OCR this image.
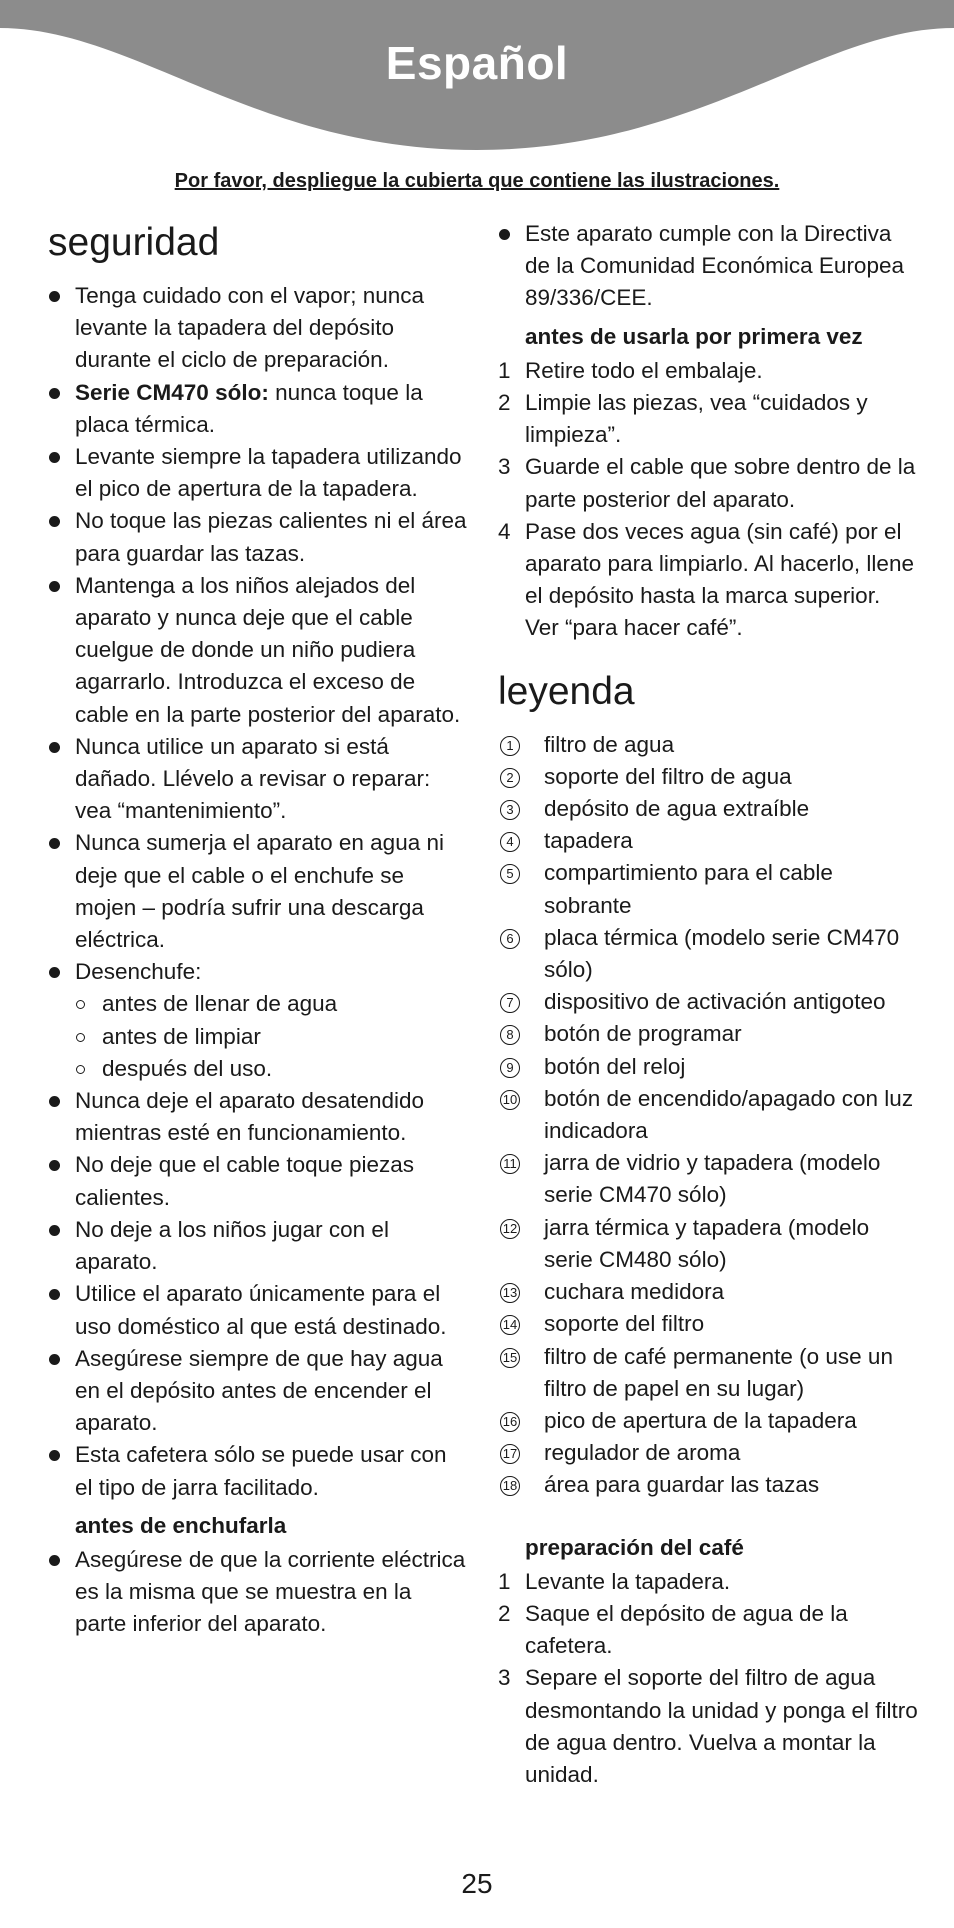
Español
Por favor, despliegue la cubierta que contiene las ilustraciones.
seguridad
Tenga cuidado con el vapor; nunca levante la tapadera del depósito durante el ciclo de preparación.
Serie CM470 sólo: nunca toque la placa térmica.
Levante siempre la tapadera utilizando el pico de apertura de la tapadera.
No toque las piezas calientes ni el área para guardar las tazas.
Mantenga a los niños alejados del aparato y nunca deje que el cable cuelgue de donde un niño pudiera agarrarlo. Introduzca el exceso de cable en la parte posterior del aparato.
Nunca utilice un aparato si está dañado. Llévelo a revisar o reparar: vea “mantenimiento”.
Nunca sumerja el aparato en agua ni deje que el cable o el enchufe se mojen – podría sufrir una descarga eléctrica.
Desenchufe:
antes de llenar de agua
antes de limpiar
después del uso.
Nunca deje el aparato desatendido mientras esté en funcionamiento.
No deje que el cable toque piezas calientes.
No deje a los niños jugar con el aparato.
Utilice el aparato únicamente para el uso doméstico al que está destinado.
Asegúrese siempre de que hay agua en el depósito antes de encender el aparato.
Esta cafetera sólo se puede usar con el tipo de jarra facilitado.
antes de enchufarla
Asegúrese de que la corriente eléctrica es la misma que se muestra en la parte inferior del aparato.
Este aparato cumple con la Directiva de la Comunidad Económica Europea 89/336/CEE.
antes de usarla por primera vez
1 Retire todo el embalaje.
2 Limpie las piezas, vea “cuidados y limpieza”.
3 Guarde el cable que sobre dentro de la parte posterior del aparato.
4 Pase dos veces agua (sin café) por el aparato para limpiarlo. Al hacerlo, llene el depósito hasta la marca superior. Ver “para hacer café”.
leyenda
1 filtro de agua
2 soporte del filtro de agua
3 depósito de agua extraíble
4 tapadera
5 compartimiento para el cable sobrante
6 placa térmica (modelo serie CM470 sólo)
7 dispositivo de activación antigoteo
8 botón de programar
9 botón del reloj
10 botón de encendido/apagado con luz indicadora
11 jarra de vidrio y tapadera (modelo serie CM470 sólo)
12 jarra térmica y tapadera (modelo serie CM480 sólo)
13 cuchara medidora
14 soporte del filtro
15 filtro de café permanente (o use un filtro de papel en su lugar)
16 pico de apertura de la tapadera
17 regulador de aroma
18 área para guardar las tazas
preparación del café
1 Levante la tapadera.
2 Saque el depósito de agua de la cafetera.
3 Separe el soporte del filtro de agua desmontando la unidad y ponga el filtro de agua dentro. Vuelva a montar la unidad.
25
